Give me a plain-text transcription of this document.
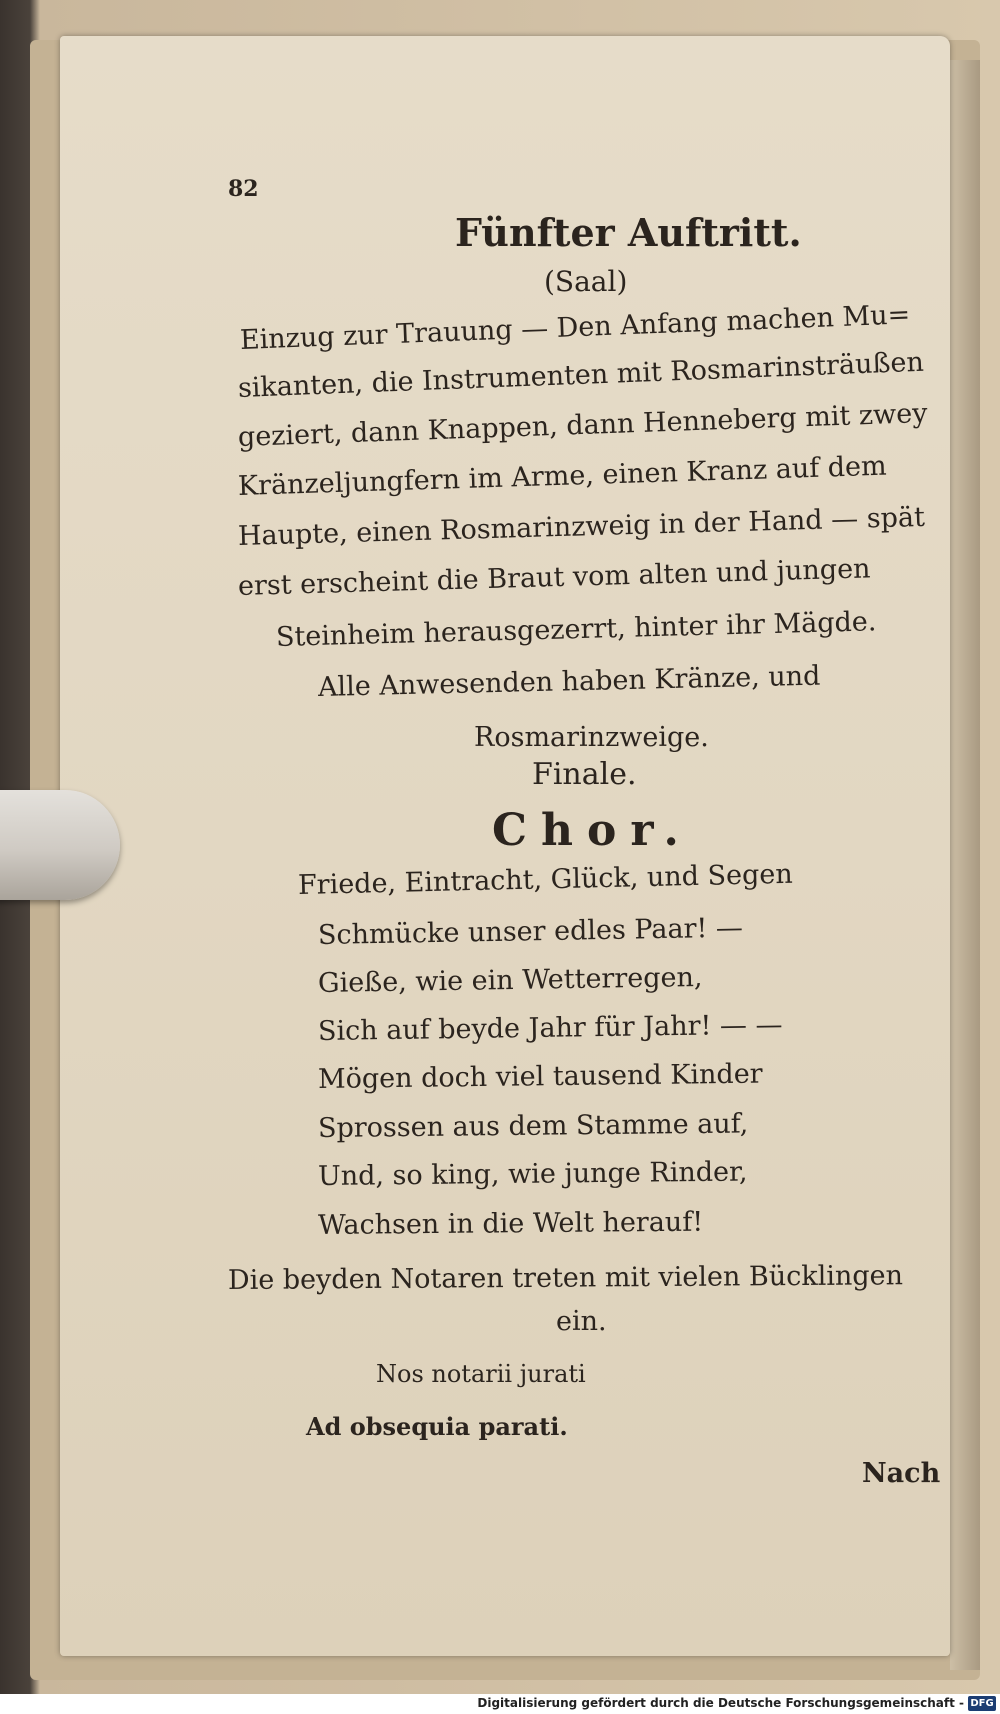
82
Fünfter Auftritt.
(Saal)
Einzug zur Trauung — Den Anfang machen Mu=
sikanten, die Instrumenten mit Rosmarinsträußen
geziert, dann Knappen, dann Henneberg mit zwey
Kränzeljungfern im Arme, einen Kranz auf dem
Haupte, einen Rosmarinzweig in der Hand — spät
erst erscheint die Braut vom alten und jungen
Steinheim herausgezerrt, hinter ihr Mägde.
Alle Anwesenden haben Kränze, und
Rosmarinzweige.
Finale.
Chor.
Friede, Eintracht, Glück, und Segen
Schmücke unser edles Paar! —
Gieße, wie ein Wetterregen,
Sich auf beyde Jahr für Jahr! — —
Mögen doch viel tausend Kinder
Sprossen aus dem Stamme auf,
Und, so king, wie junge Rinder,
Wachsen in die Welt herauf!
Die beyden Notaren treten mit vielen Bücklingen
ein.
Nos notarii jurati
Ad obsequia parati.
Nach
Digitalisierung gefördert durch die Deutsche Forschungsgemeinschaft - DFG
